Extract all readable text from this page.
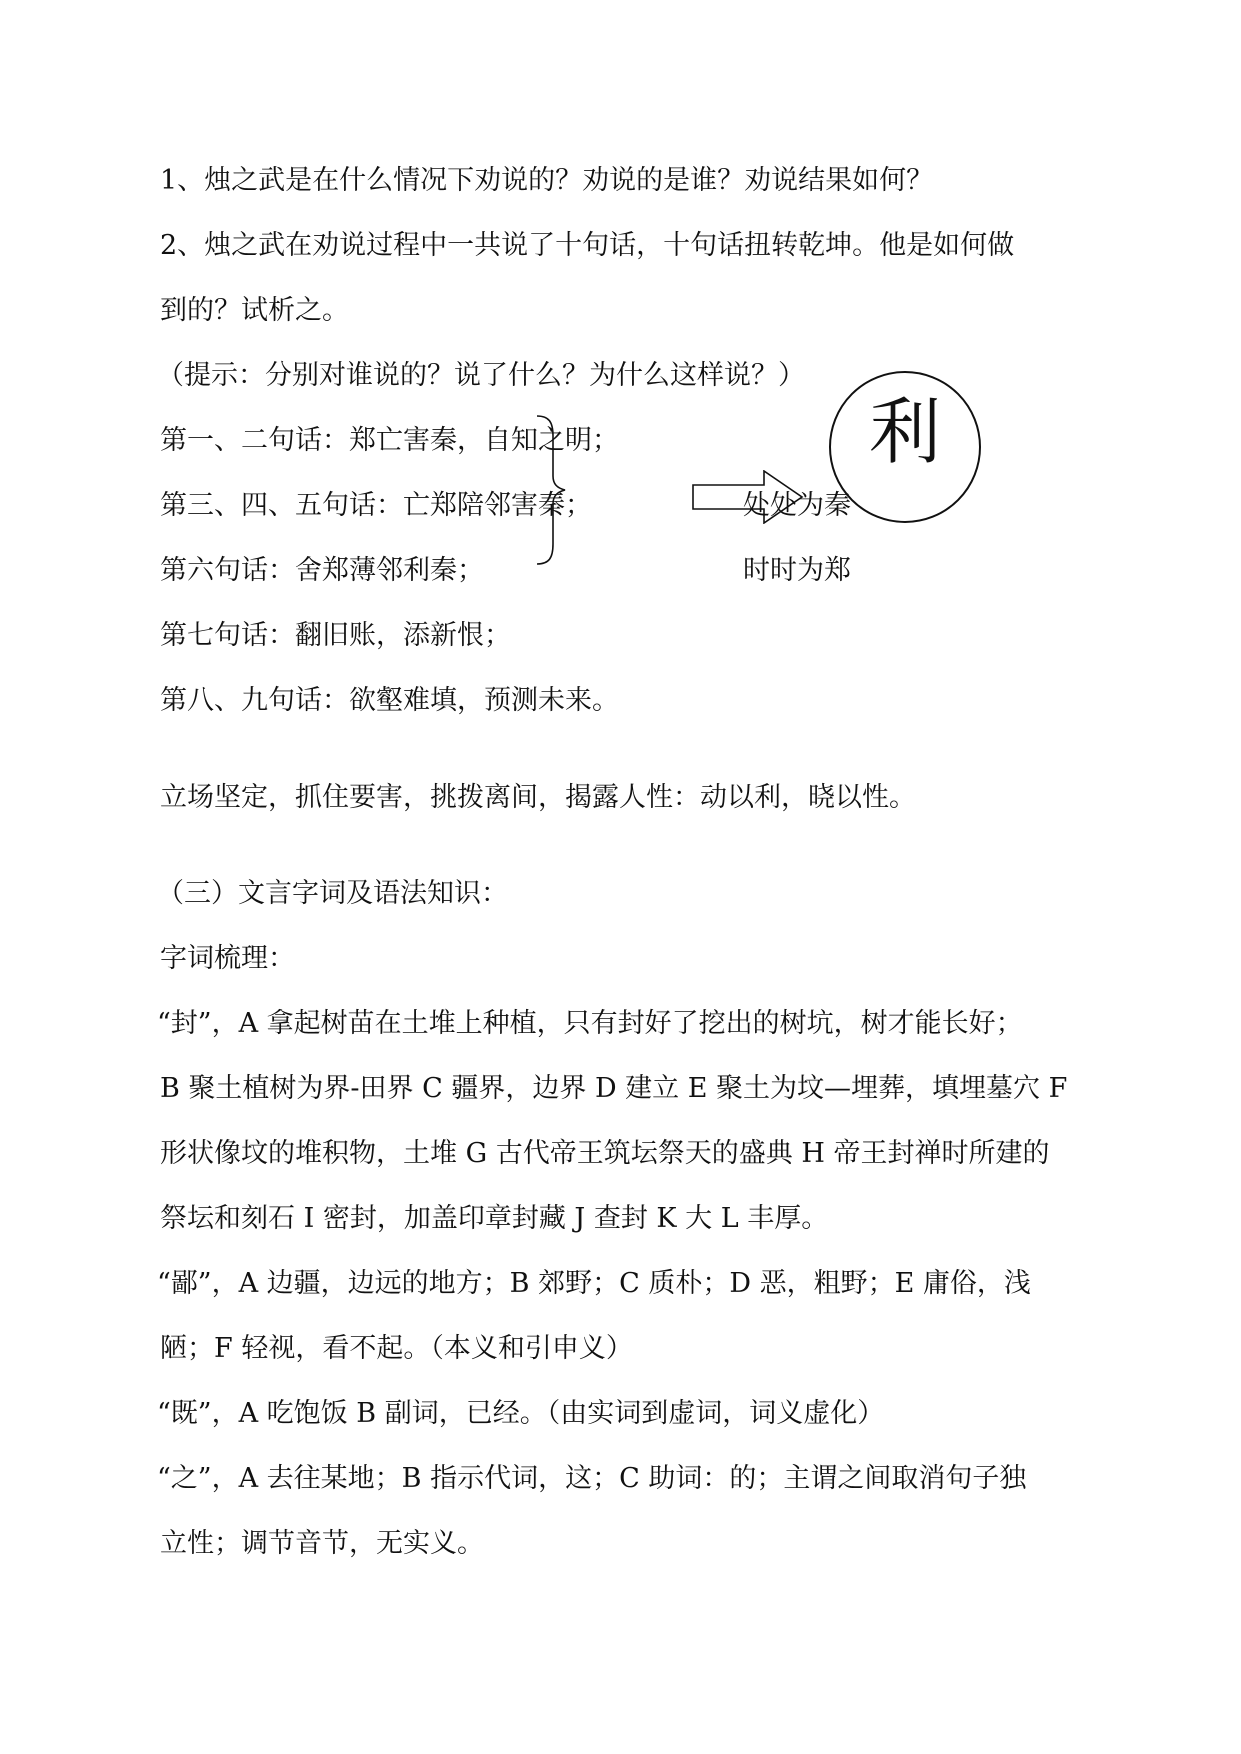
1、烛之武是在什么情况下劝说的？劝说的是谁？劝说结果如何？
2、烛之武在劝说过程中一共说了十句话，十句话扭转乾坤。他是如何做
到的？试析之。
（提示：分别对谁说的？说了什么？为什么这样说？）
第一、二句话：郑亡害秦，自知之明；
第三、四、五句话：亡郑陪邻害秦；
第六句话：舍郑薄邻利秦；
第七句话：翻旧账，添新恨；
第八、九句话：欲壑难填，预测未来。
处处为秦
时时为郑
利
立场坚定，抓住要害，挑拨离间，揭露人性：动以利，晓以性。
（三）文言字词及语法知识：
字词梳理：
“封”，A 拿起树苗在土堆上种植，只有封好了挖出的树坑，树才能长好；
B 聚土植树为界-田界 C 疆界，边界 D 建立 E 聚土为坟—埋葬，填埋墓穴 F
形状像坟的堆积物，土堆 G 古代帝王筑坛祭天的盛典 H 帝王封禅时所建的
祭坛和刻石 I 密封，加盖印章封藏 J 查封 K 大 L 丰厚。
“鄙”，A 边疆，边远的地方；B 郊野；C 质朴；D 恶，粗野；E 庸俗，浅
陋；F 轻视，看不起。（本义和引申义）
“既”，A 吃饱饭 B 副词，已经。（由实词到虚词，词义虚化）
“之”，A 去往某地；B 指示代词，这；C 助词：的；主谓之间取消句子独
立性；调节音节，无实义。
